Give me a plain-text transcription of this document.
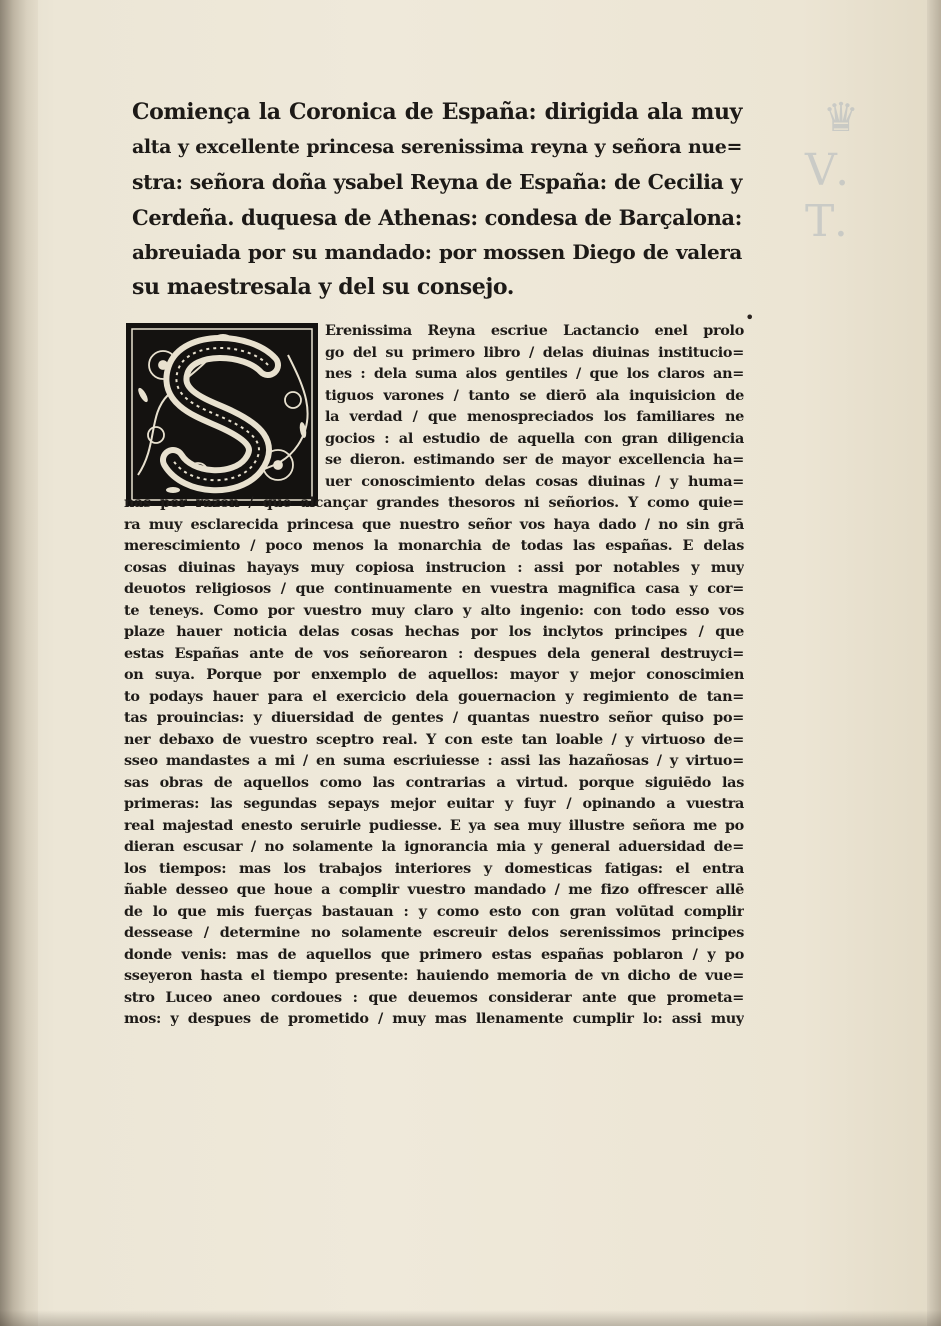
♛
V. T.
Comiença la Coronica de España: dirigida ala muy
alta y excellente princesa serenissima reyna y señora nue=
stra: señora doña ysabel Reyna de España: de Cecilia y
Cerdeña. duquesa de Athenas: condesa de Barçalona:
abreuiada por su mandado: por mossen Diego de valera
su maestresala y del su consejo.
•
Erenissima Reyna escriue Lactancio enel prolo
go del su primero libro / delas diuinas institucio=
nes : dela suma alos gentiles / que los claros an=
tiguos varones / tanto se dierō ala inquisicion de
la verdad / que menospreciados los familiares ne
gocios : al estudio de aquella con gran diligencia
se dieron. estimando ser de mayor excellencia ha=
uer conoscimiento delas cosas diuinas / y huma=
nas por razon / que alcançar grandes thesoros ni señorios. Y como quie=
ra muy esclarecida princesa que nuestro señor vos haya dado / no sin grā
merescimiento / poco menos la monarchia de todas las españas. E delas
cosas diuinas hayays muy copiosa instrucion : assi por notables y muy
deuotos religiosos / que continuamente en vuestra magnifica casa y cor=
te teneys. Como por vuestro muy claro y alto ingenio: con todo esso vos
plaze hauer noticia delas cosas hechas por los inclytos principes / que
estas Españas ante de vos señorearon : despues dela general destruyci=
on suya. Porque por enxemplo de aquellos: mayor y mejor conoscimien
to podays hauer para el exercicio dela gouernacion y regimiento de tan=
tas prouincias: y diuersidad de gentes / quantas nuestro señor quiso po=
ner debaxo de vuestro sceptro real. Y con este tan loable / y virtuoso de=
sseo mandastes a mi / en suma escriuiesse : assi las hazañosas / y virtuo=
sas obras de aquellos como las contrarias a virtud. porque siguiēdo las
primeras: las segundas sepays mejor euitar y fuyr / opinando a vuestra
real majestad enesto seruirle pudiesse. E ya sea muy illustre señora me po
dieran escusar / no solamente la ignorancia mia y general aduersidad de=
los tiempos: mas los trabajos interiores y domesticas fatigas: el entra
ñable desseo que houe a complir vuestro mandado / me fizo offrescer allē
de lo que mis fuerças bastauan : y como esto con gran volūtad complir
dessease / determine no solamente escreuir delos serenissimos principes
donde venis: mas de aquellos que primero estas españas poblaron / y po
sseyeron hasta el tiempo presente: hauiendo memoria de vn dicho de vue=
stro Luceo aneo cordoues : que deuemos considerar ante que prometa=
mos: y despues de prometido / muy mas llenamente cumplir lo: assi muy
